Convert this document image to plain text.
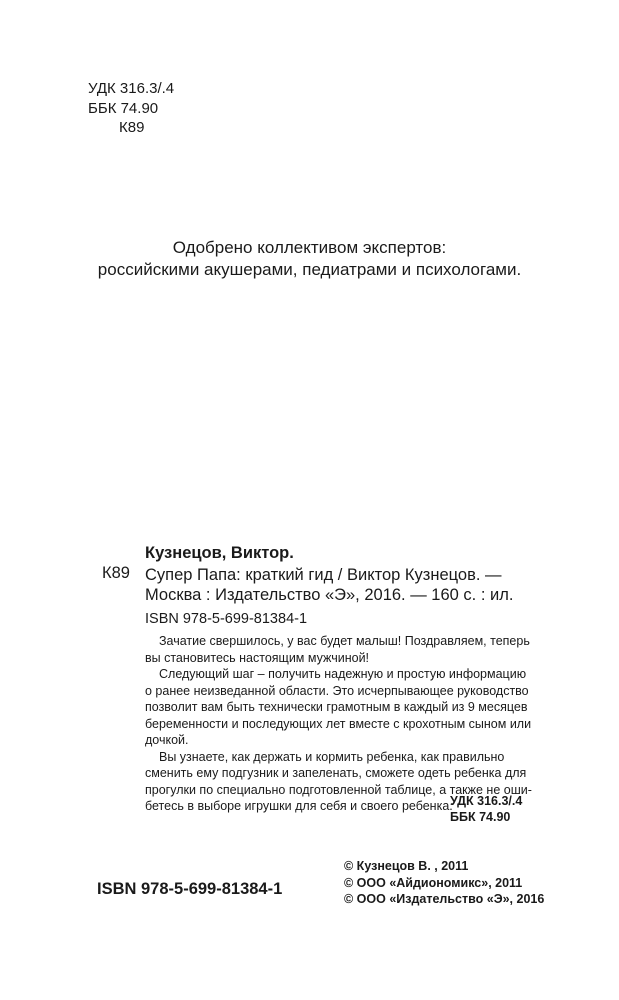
УДК 316.3/.4
ББК 74.90
К89
Одобрено коллективом экспертов:
российскими акушерами, педиатрами и психологами.
К89
Кузнецов, Виктор.
Супер Папа: краткий гид / Виктор Кузнецов. —
Москва : Издательство «Э», 2016. — 160 с. : ил.
ISBN 978-5-699-81384-1

Зачатие свершилось, у вас будет малыш! Поздравляем, теперь
вы становитесь настоящим мужчиной!

Следующий шаг – получить надежную и простую информацию
о ранее неизведанной области. Это исчерпывающее руководство
позволит вам быть технически грамотным в каждый из 9 месяцев
беременности и последующих лет вместе с крохотным сыном или
дочкой.

Вы узнаете, как держать и кормить ребенка, как правильно
сменить ему подгузник и запеленать, сможете одеть ребенка для
прогулки по специально подготовленной таблице, а также не оши-
бетесь в выборе игрушки для себя и своего ребенка.

УДК 316.3/.4
ББК 74.90
ISBN 978-5-699-81384-1
© Кузнецов В. , 2011
© ООО «Айдиономикс», 2011
© ООО «Издательство «Э», 2016
